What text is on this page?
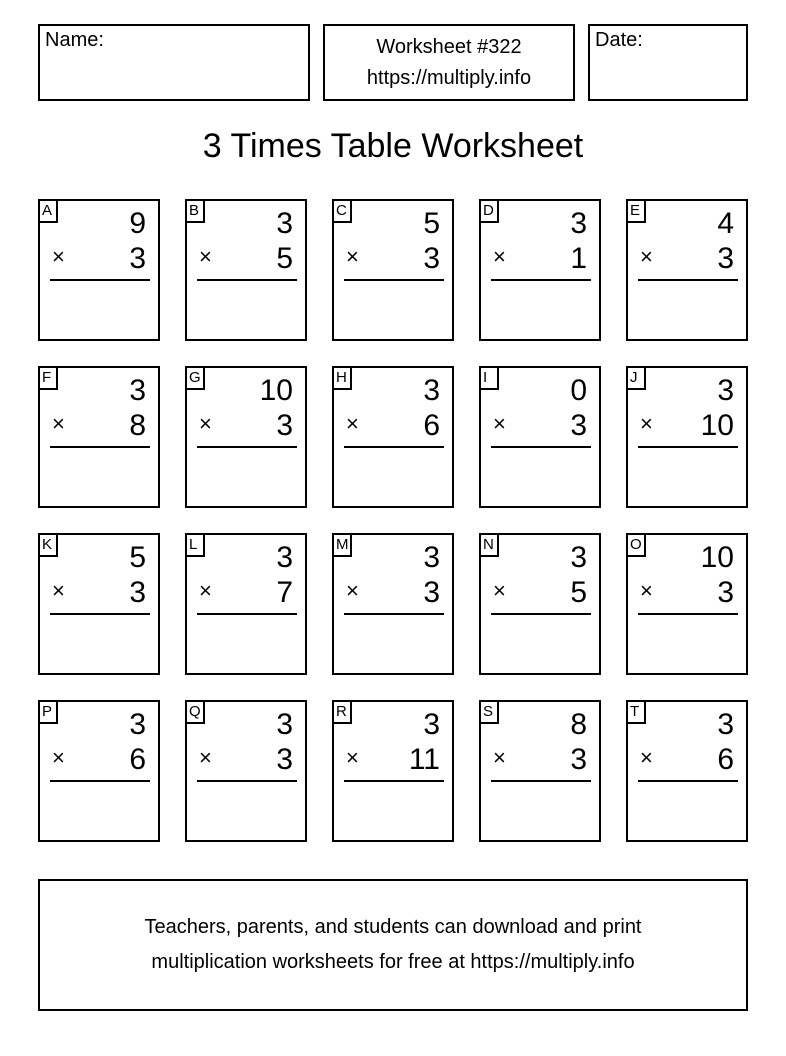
Name:	Worksheet #322
https://multiply.info
Date:
3 Times Table Worksheet
A	9
× 3
B	3
× 5
C	5
× 3
D	3
× 1
E	4
× 3
F	3
× 8
G 10
× 3
H	3
× 6
I	0
× 3
J	3
× 10
K	5
× 3
L	3
× 7
M 3
× 3
N	3
× 5
O 10
× 3
P	3
× 6
Q	3
× 3
R	3
× 11
S	8
× 3
T	3
× 6
Teachers, parents, and students can download and print
multiplication worksheets for free at https://multiply.info
